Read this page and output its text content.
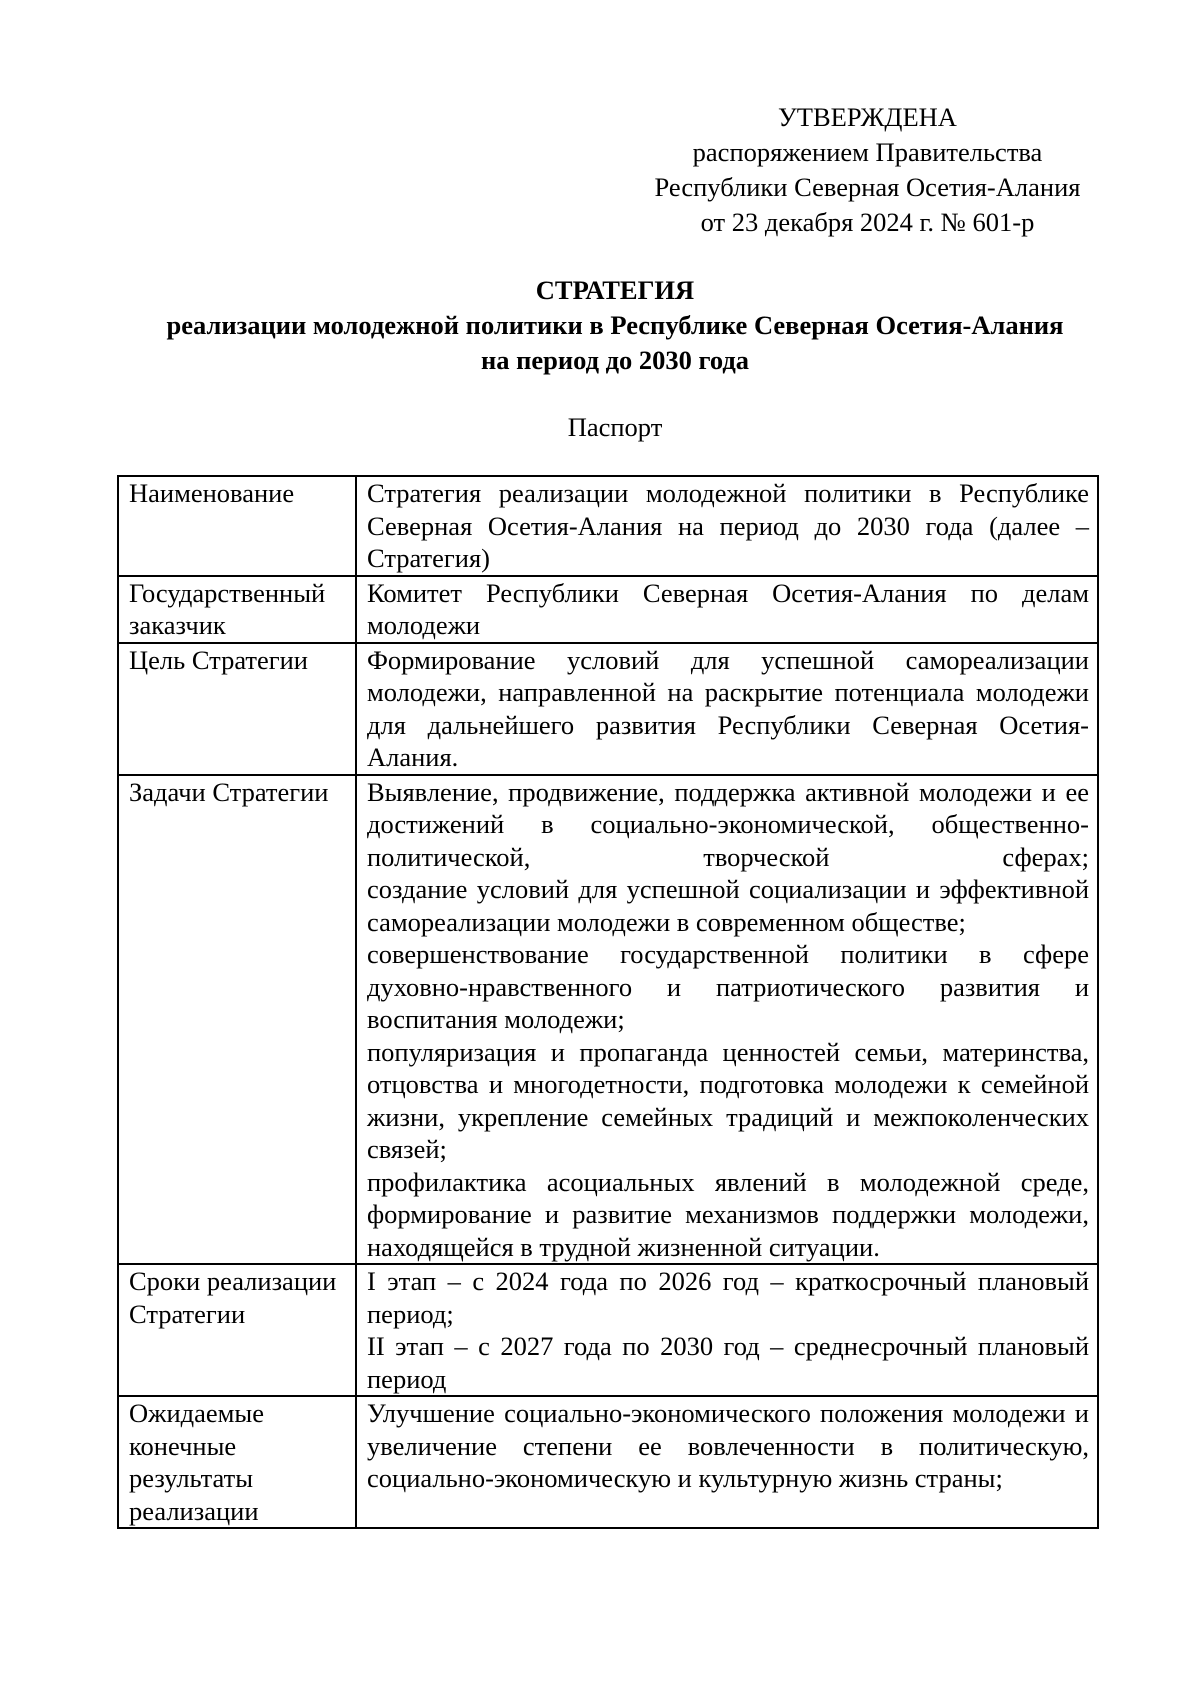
УТВЕРЖДЕНА
распоряжением Правительства
Республики Северная Осетия-Алания
от 23 декабря 2024 г. № 601-р
СТРАТЕГИЯ
реализации молодежной политики в Республике Северная Осетия-Алания
на период до 2030 года
Паспорт
Наименование	Стратегия реализации молодежной политики в Республике Северная Осетия-Алания на период до 2030 года (далее – Стратегия)

Государственный заказчик	Комитет Республики Северная Осетия-Алания по делам молодежи

Цель Стратегии	Формирование условий для успешной самореализации молодежи, направленной на раскрытие потенциала молодежи для дальнейшего развития Республики Северная Осетия-Алания.

Задачи Стратегии	Выявление, продвижение, поддержка активной молодежи и ее достижений в социально-экономической, общественно-политической, творческой сферах;
создание условий для успешной социализации и эффективной самореализации молодежи в современном обществе;
совершенствование государственной политики в сфере духовно-нравственного и патриотического развития и воспитания молодежи;
популяризация и пропаганда ценностей семьи, материнства, отцовства и многодетности, подготовка молодежи к семейной жизни, укрепление семейных традиций и межпоколенческих связей;
профилактика асоциальных явлений в молодежной среде, формирование и развитие механизмов поддержки молодежи, находящейся в трудной жизненной ситуации.

Сроки реализации Стратегии	I этап – с 2024 года по 2026 год – краткосрочный плановый период;
II этап – с 2027 года по 2030 год – среднесрочный плановый период

Ожидаемые конечные результаты реализации	Улучшение социально-экономического положения молодежи и увеличение степени ее вовлеченности в политическую, социально-экономическую и культурную жизнь страны;
